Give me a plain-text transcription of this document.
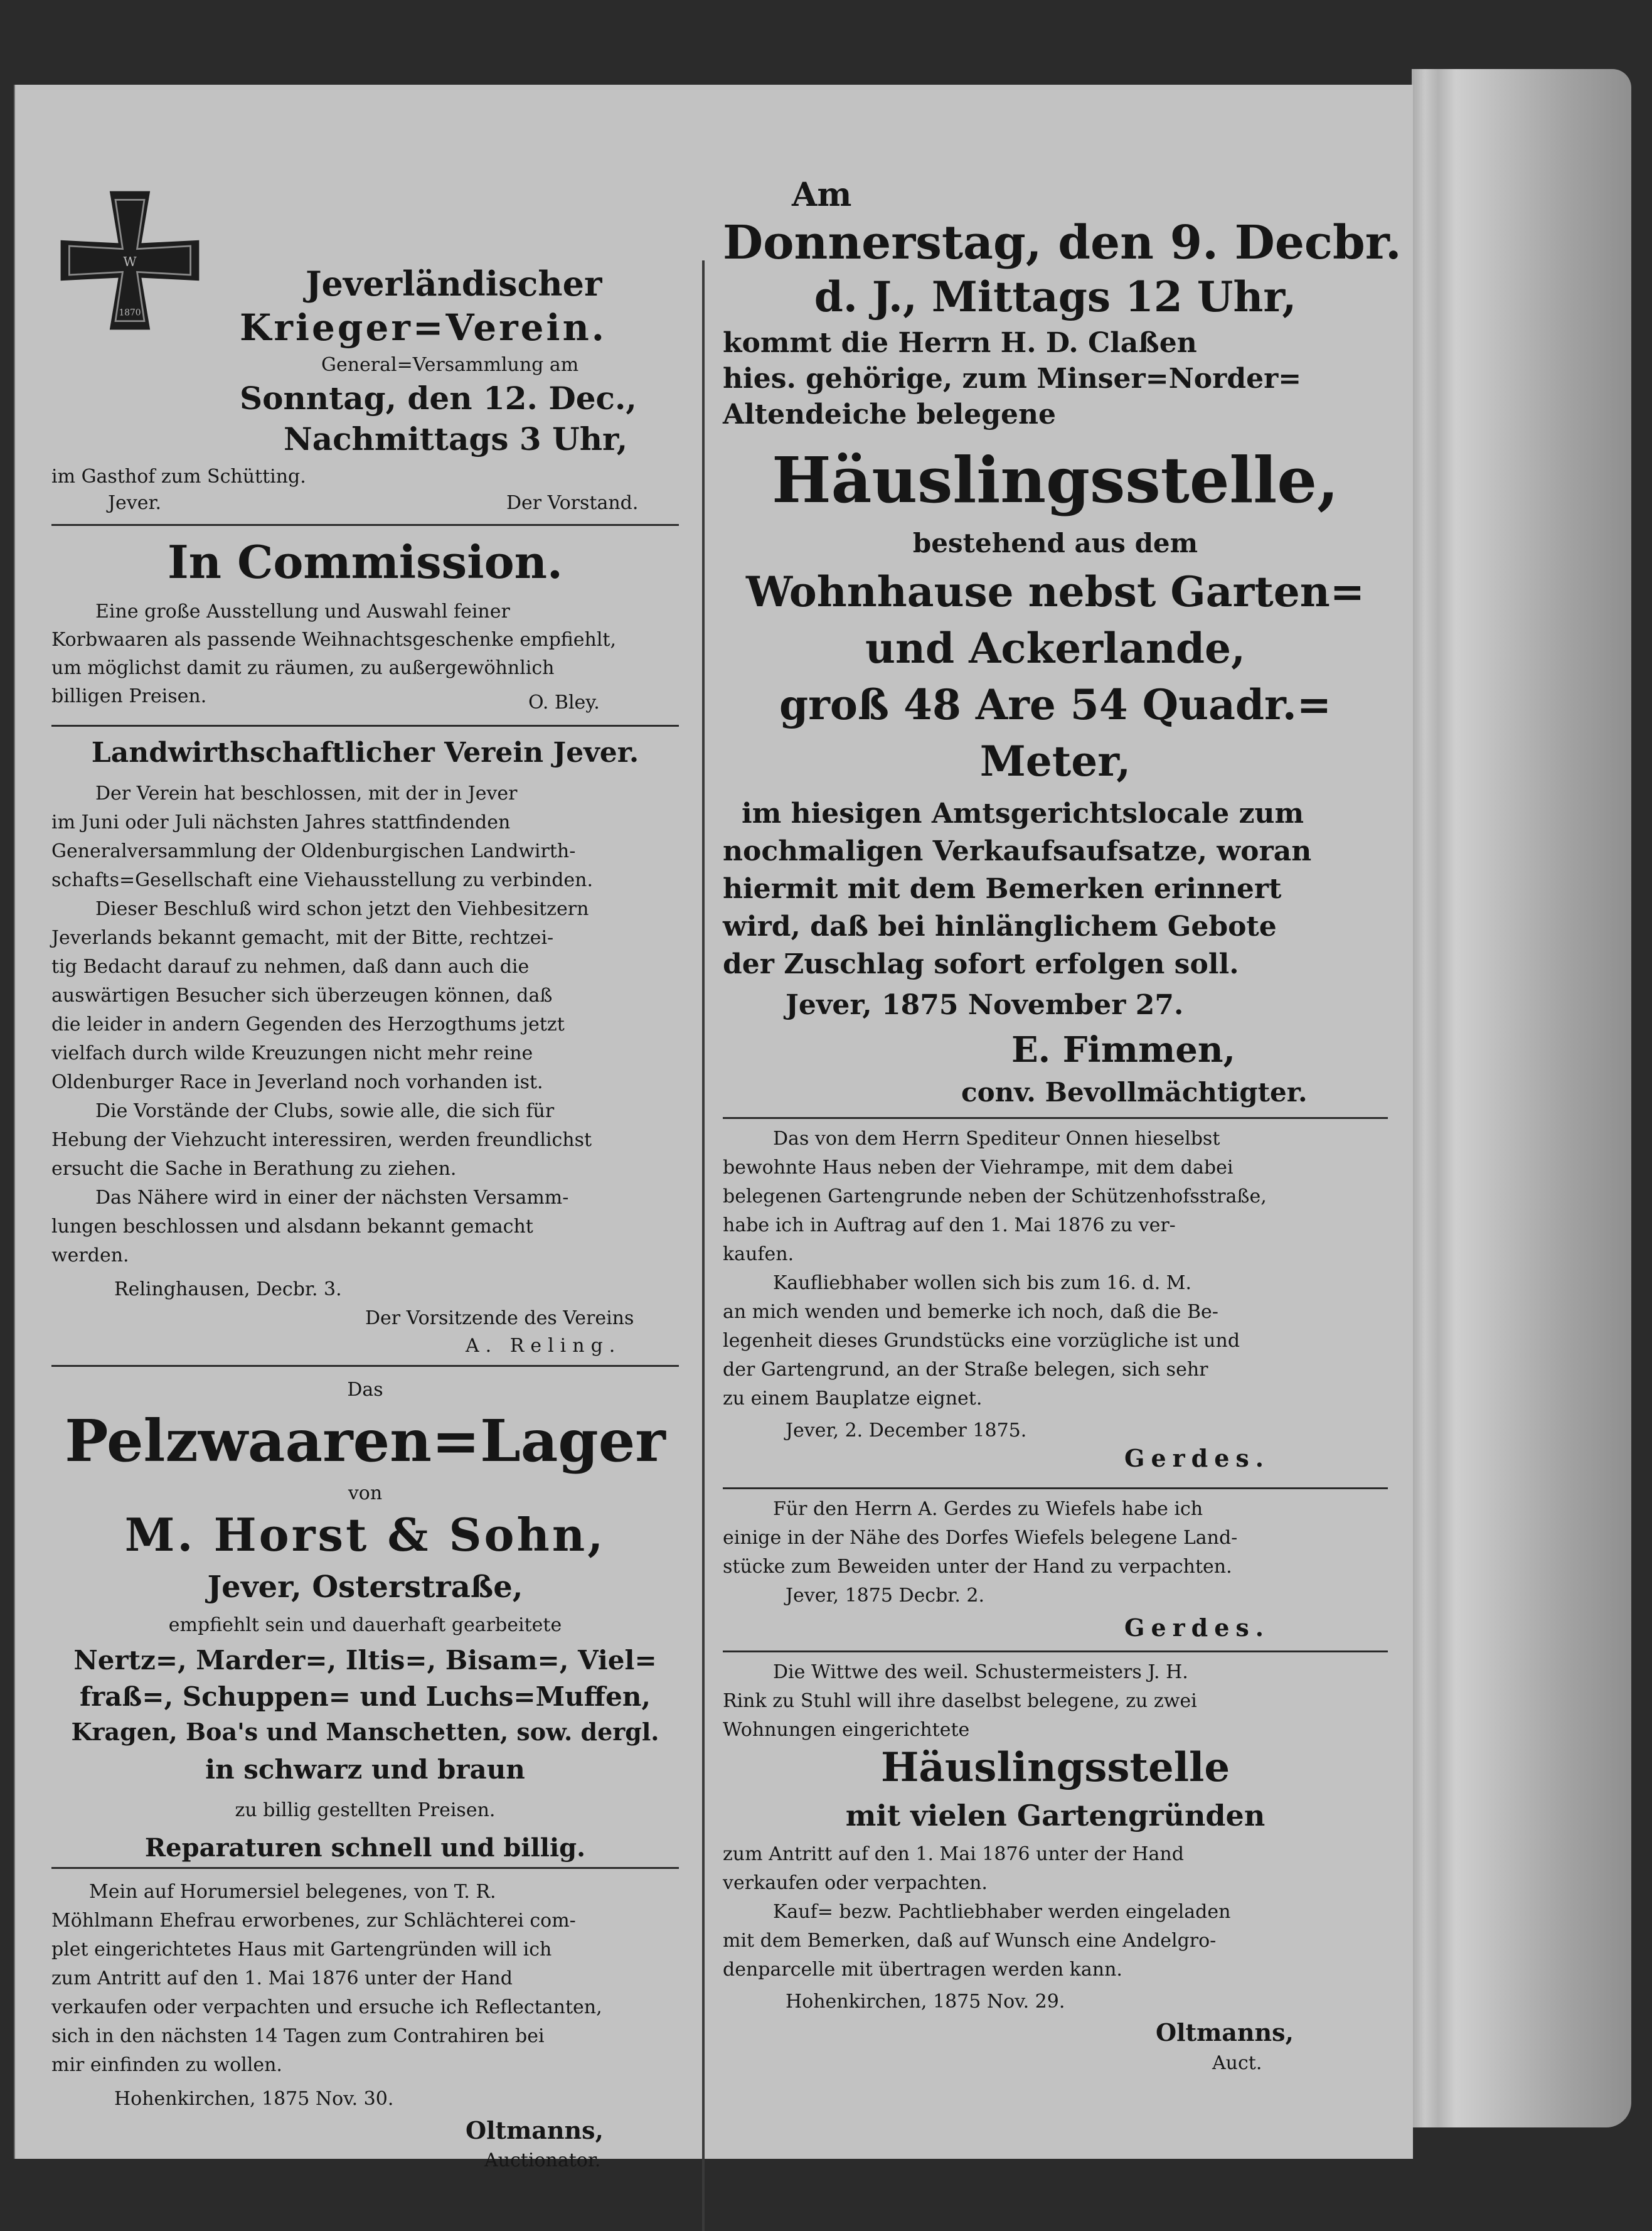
W
1870
Jeverländischer
Krieger=Verein.
General=Versammlung am
Sonntag, den 12. Dec.,
Nachmittags 3 Uhr,
im Gasthof zum Schütting.
Jever.	Der Vorstand.
In Commission.
Eine große Ausstellung und Auswahl feiner
Korbwaaren als passende Weihnachtsgeschenke empfiehlt,
um möglichst damit zu räumen, zu außergewöhnlich
billigen Preisen.	O. Bley.
Landwirthschaftlicher Verein Jever.
Der Verein hat beschlossen, mit der in Jever
im Juni oder Juli nächsten Jahres stattfindenden
Generalversammlung der Oldenburgischen Landwirth-
schafts=Gesellschaft eine Viehausstellung zu verbinden.
Dieser Beschluß wird schon jetzt den Viehbesitzern
Jeverlands bekannt gemacht, mit der Bitte, rechtzei-
tig Bedacht darauf zu nehmen, daß dann auch die
auswärtigen Besucher sich überzeugen können, daß
die leider in andern Gegenden des Herzogthums jetzt
vielfach durch wilde Kreuzungen nicht mehr reine
Oldenburger Race in Jeverland noch vorhanden ist.
Die Vorstände der Clubs, sowie alle, die sich für
Hebung der Viehzucht interessiren, werden freundlichst
ersucht die Sache in Berathung zu ziehen.
Das Nähere wird in einer der nächsten Versamm-
lungen beschlossen und alsdann bekannt gemacht
werden.
Relinghausen, Decbr. 3.
Der Vorsitzende des Vereins
A. Reling.
Das
Pelzwaaren=Lager
von
M. Horst & Sohn,
Jever, Osterstraße,
empfiehlt sein und dauerhaft gearbeitete
Nertz=, Marder=, Iltis=, Bisam=, Viel=
fraß=, Schuppen= und Luchs=Muffen,
Kragen, Boa's und Manschetten, sow. dergl.
in schwarz und braun
zu billig gestellten Preisen.
Reparaturen schnell und billig.
Mein auf Horumersiel belegenes, von T. R.
Möhlmann Ehefrau erworbenes, zur Schlächterei com-
plet eingerichtetes Haus mit Gartengründen will ich
zum Antritt auf den 1. Mai 1876 unter der Hand
verkaufen oder verpachten und ersuche ich Reflectanten,
sich in den nächsten 14 Tagen zum Contrahiren bei
mir einfinden zu wollen.
Hohenkirchen, 1875 Nov. 30.
Oltmanns,
Auctionator.
Am
Donnerstag, den 9. Decbr.
d. J., Mittags 12 Uhr,
kommt die Herrn H. D. Claßen
hies. gehörige, zum Minser=Norder=
Altendeiche belegene
Häuslingsstelle,
bestehend aus dem
Wohnhause nebst Garten=
und Ackerlande,
groß 48 Are 54 Quadr.=
Meter,
im hiesigen Amtsgerichtslocale zum
nochmaligen Verkaufsaufsatze, woran
hiermit mit dem Bemerken erinnert
wird, daß bei hinlänglichem Gebote
der Zuschlag sofort erfolgen soll.
Jever, 1875 November 27.
E. Fimmen,
conv. Bevollmächtigter.
Das von dem Herrn Spediteur Onnen hieselbst
bewohnte Haus neben der Viehrampe, mit dem dabei
belegenen Gartengrunde neben der Schützenhofsstraße,
habe ich in Auftrag auf den 1. Mai 1876 zu ver-
kaufen.
Kaufliebhaber wollen sich bis zum 16. d. M.
an mich wenden und bemerke ich noch, daß die Be-
legenheit dieses Grundstücks eine vorzügliche ist und
der Gartengrund, an der Straße belegen, sich sehr
zu einem Bauplatze eignet.
Jever, 2. December 1875.
Gerdes.
Für den Herrn A. Gerdes zu Wiefels habe ich
einige in der Nähe des Dorfes Wiefels belegene Land-
stücke zum Beweiden unter der Hand zu verpachten.
Jever, 1875 Decbr. 2.
Gerdes.
Die Wittwe des weil. Schustermeisters J. H.
Rink zu Stuhl will ihre daselbst belegene, zu zwei
Wohnungen eingerichtete
Häuslingsstelle
mit vielen Gartengründen
zum Antritt auf den 1. Mai 1876 unter der Hand
verkaufen oder verpachten.
Kauf= bezw. Pachtliebhaber werden eingeladen
mit dem Bemerken, daß auf Wunsch eine Andelgro-
denparcelle mit übertragen werden kann.
Hohenkirchen, 1875 Nov. 29.
Oltmanns,
Auct.
